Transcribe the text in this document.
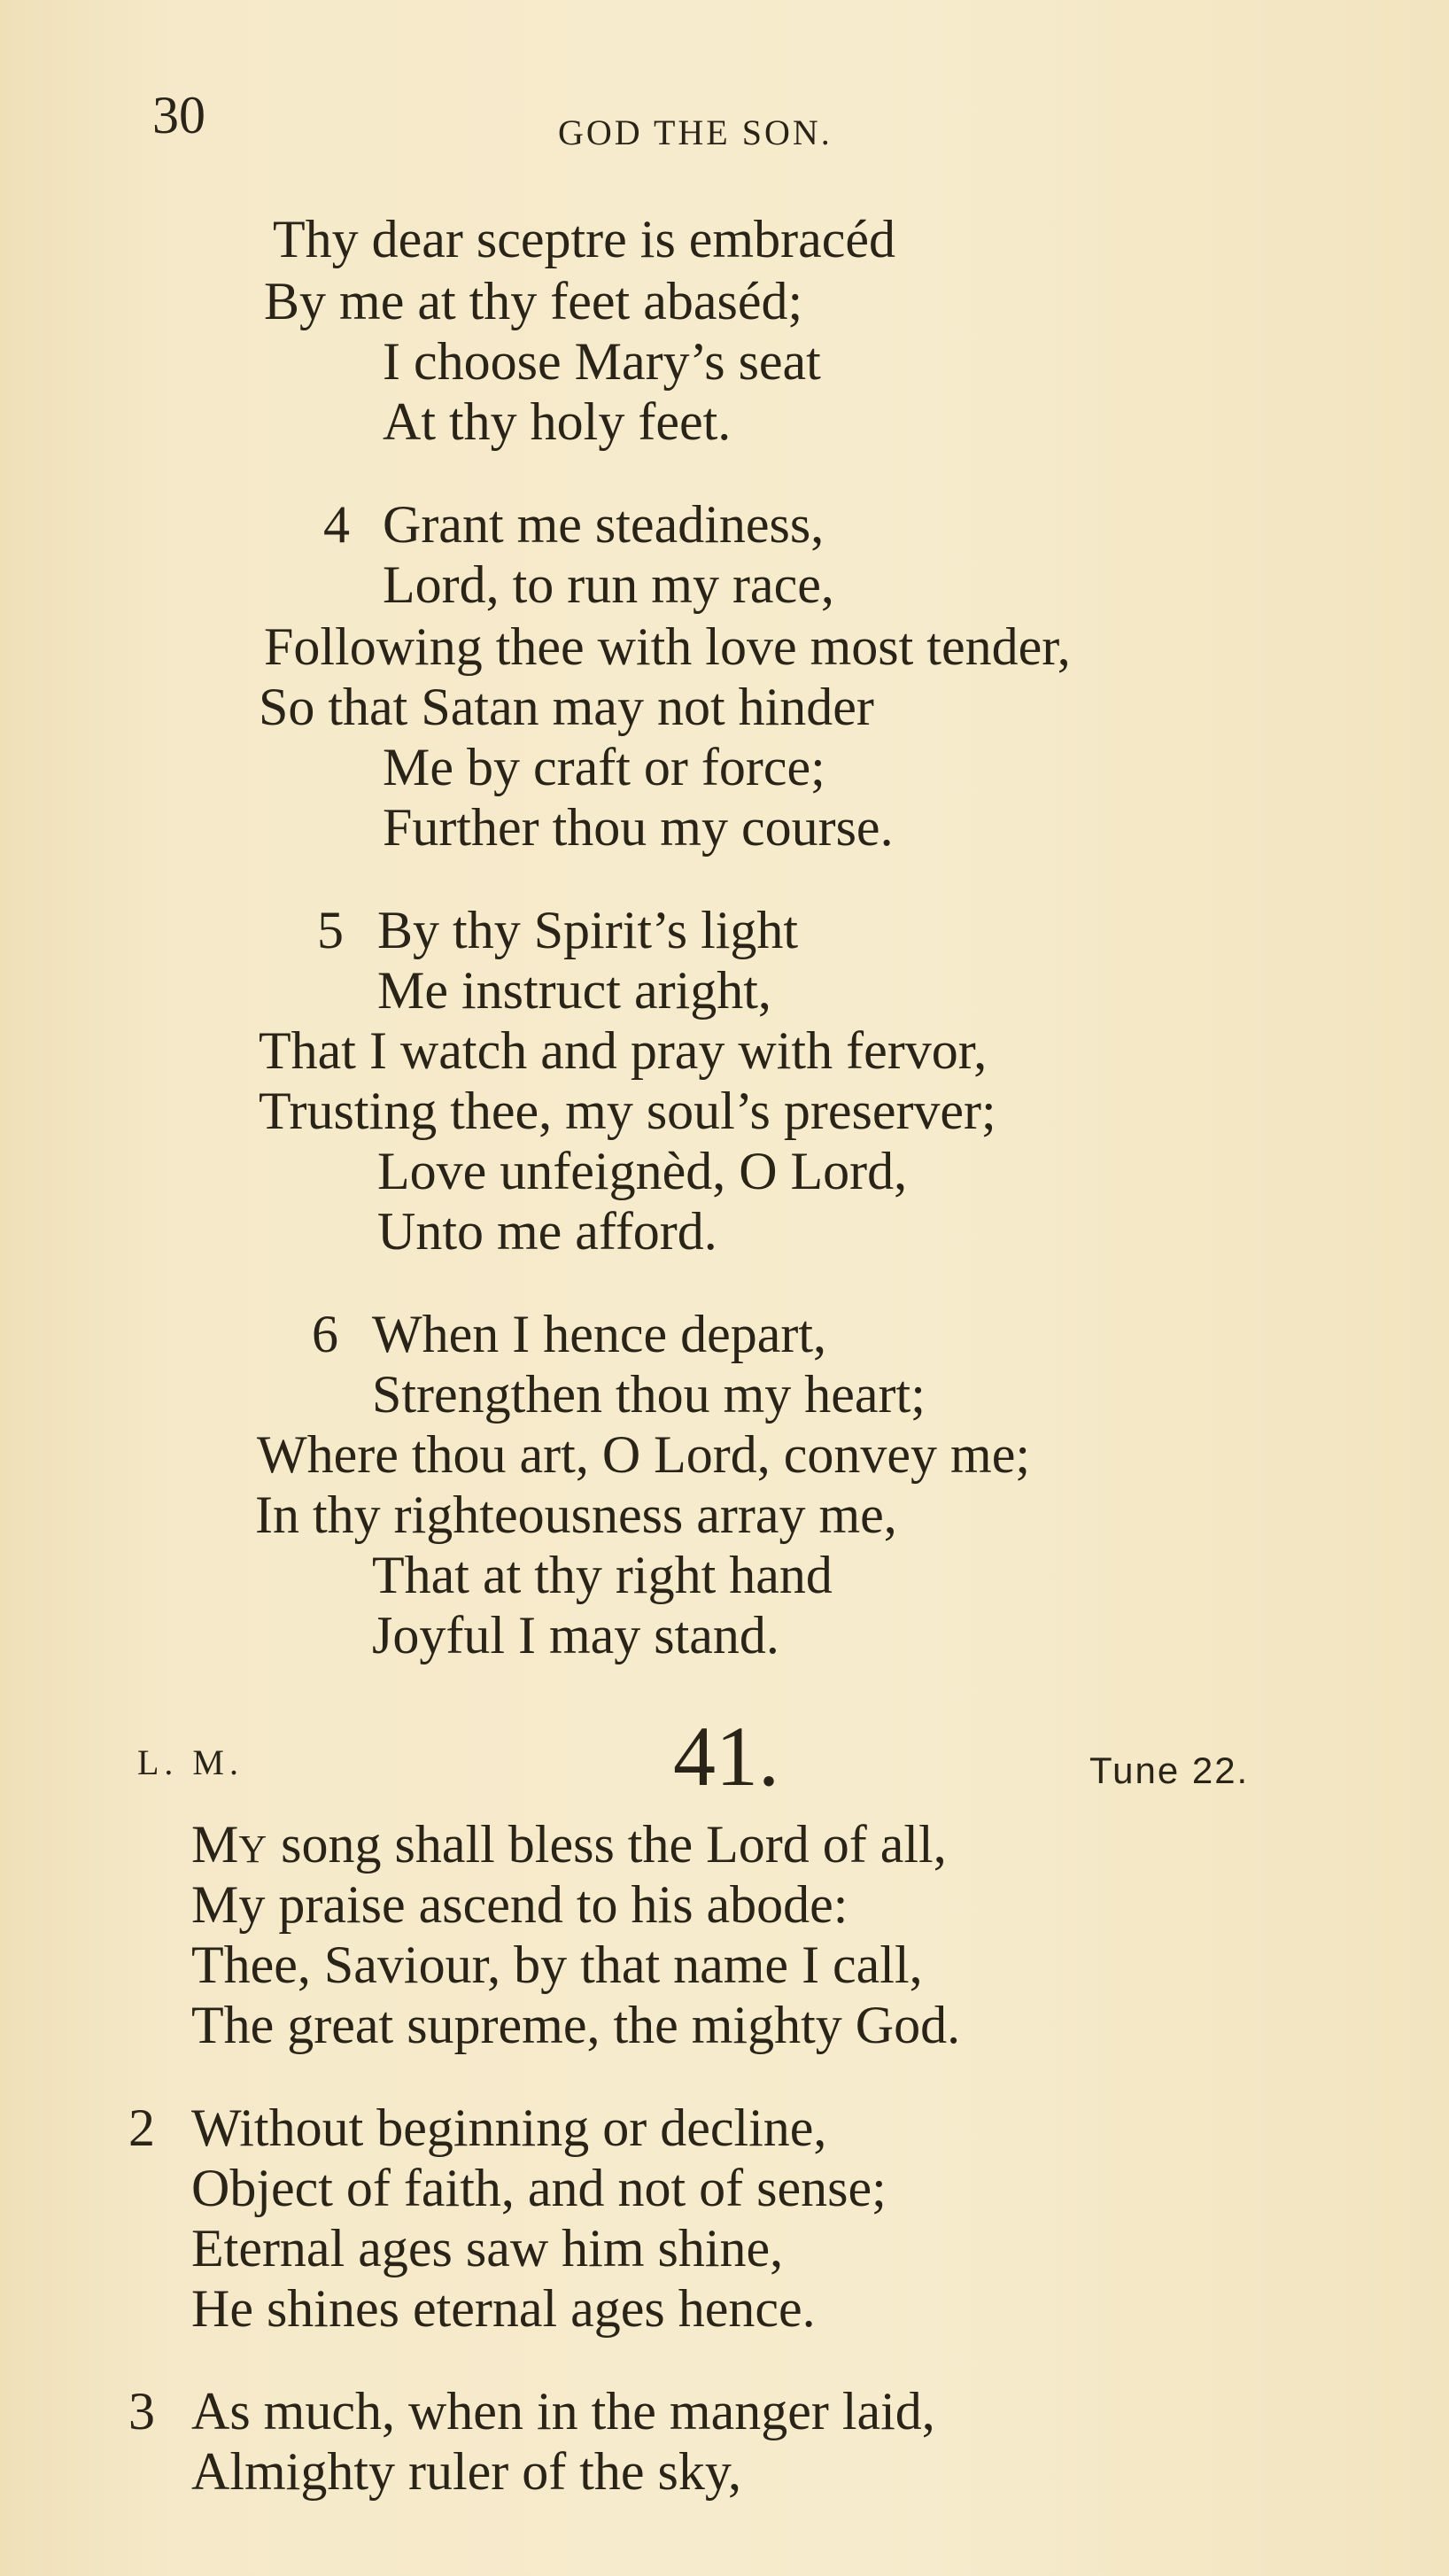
30	GOD THE SON.
Thy dear sceptre is embracéd
By me at thy feet abaséd;
I choose Mary’s seat
At thy holy feet.
4 Grant me steadiness,
Lord, to run my race,
Following thee with love most tender,
So that Satan may not hinder
Me by craft or force;
Further thou my course.
5 By thy Spirit’s light
Me instruct aright,
That I watch and pray with fervor,
Trusting thee, my soul’s preserver;
Love unfeignèd, O Lord,
Unto me afford.
6 When I hence depart,
Strengthen thou my heart;
Where thou art, O Lord, convey me;
In thy righteousness array me,
That at thy right hand
Joyful I may stand.
L. M.	41.	Tune 22.
MY song shall bless the Lord of all,
My praise ascend to his abode:
Thee, Saviour, by that name I call,
The great supreme, the mighty God.
2 Without beginning or decline,
Object of faith, and not of sense;
Eternal ages saw him shine,
He shines eternal ages hence.
3 As much, when in the manger laid,
Almighty ruler of the sky,
